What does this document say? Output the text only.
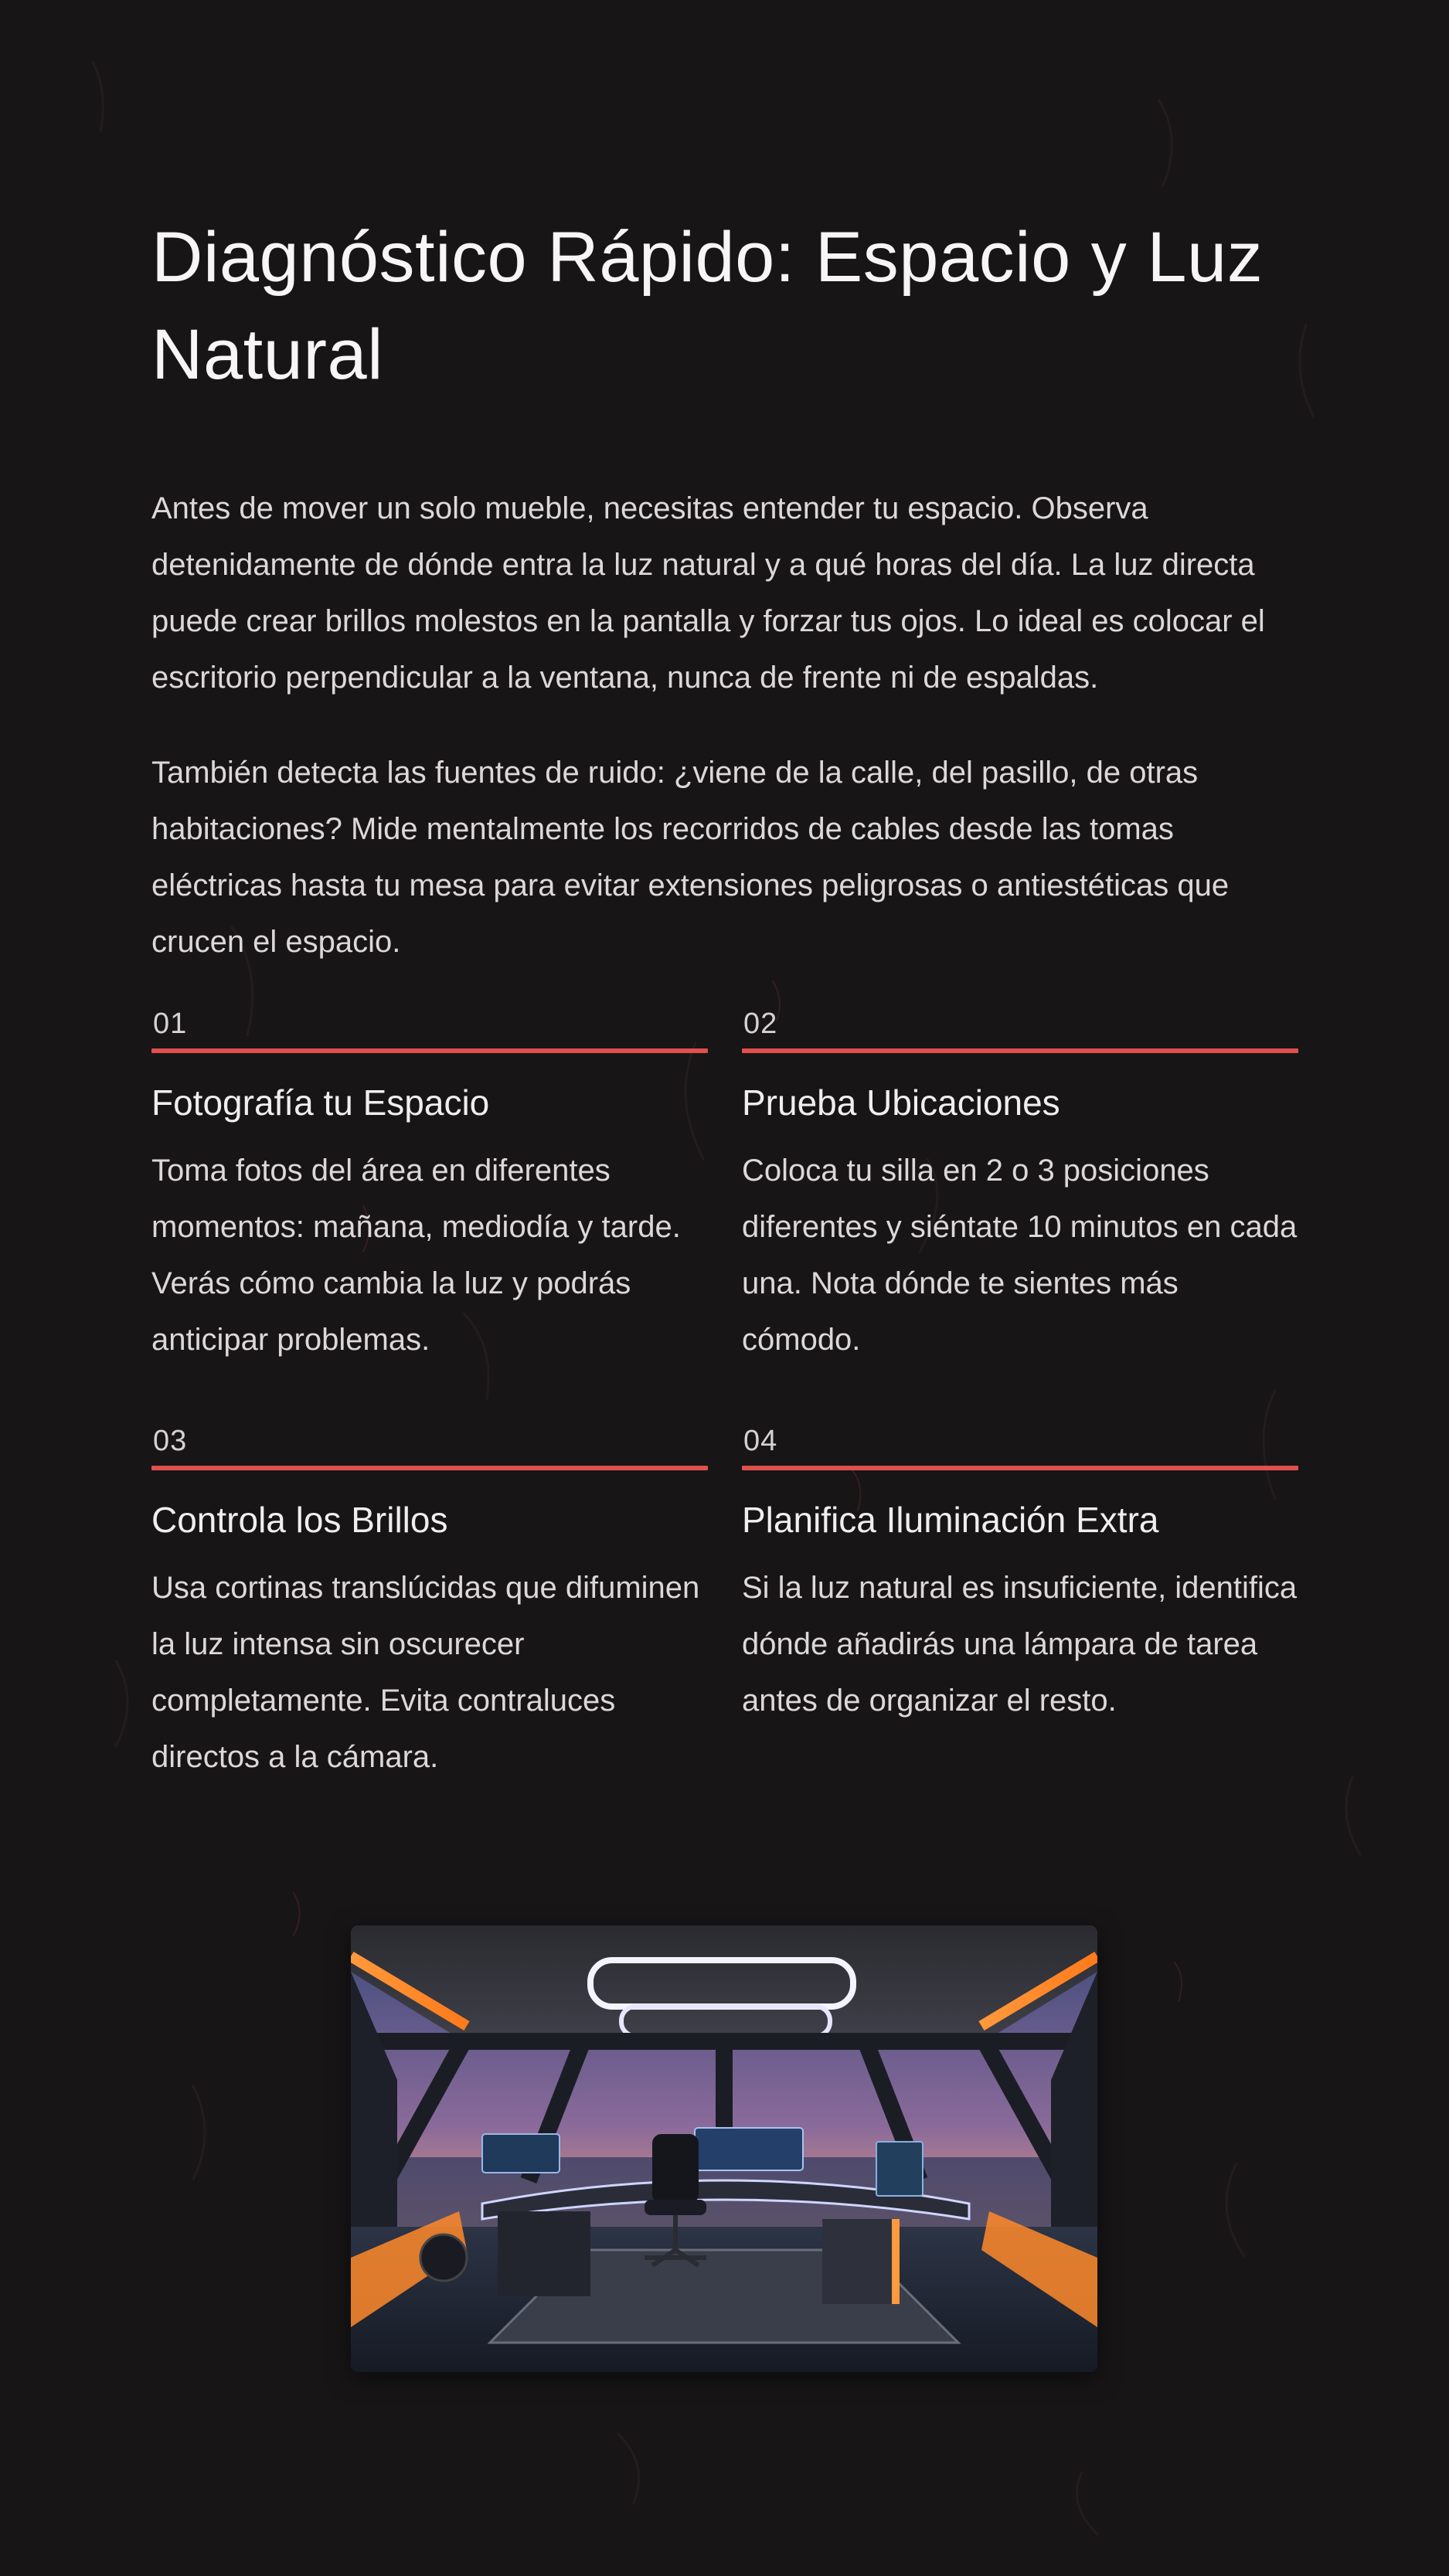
Diagnóstico Rápido: Espacio y Luz Natural

Antes de mover un solo mueble, necesitas entender tu espacio. Observa detenidamente de dónde entra la luz natural y a qué horas del día. La luz directa puede crear brillos molestos en la pantalla y forzar tus ojos. Lo ideal es colocar el escritorio perpendicular a la ventana, nunca de frente ni de espaldas.

También detecta las fuentes de ruido: ¿viene de la calle, del pasillo, de otras habitaciones? Mide mentalmente los recorridos de cables desde las tomas eléctricas hasta tu mesa para evitar extensiones peligrosas o antiestéticas que crucen el espacio.

01
Fotografía tu Espacio

Toma fotos del área en diferentes momentos: mañana, mediodía y tarde. Verás cómo cambia la luz y podrás anticipar problemas.

02
Prueba Ubicaciones

Coloca tu silla en 2 o 3 posiciones diferentes y siéntate 10 minutos en cada una. Nota dónde te sientes más cómodo.

03
Controla los Brillos

Usa cortinas translúcidas que difuminen la luz intensa sin oscurecer completamente. Evita contraluces directos a la cámara.

04
Planifica Iluminación Extra

Si la luz natural es insuficiente, identifica dónde añadirás una lámpara de tarea antes de organizar el resto.
